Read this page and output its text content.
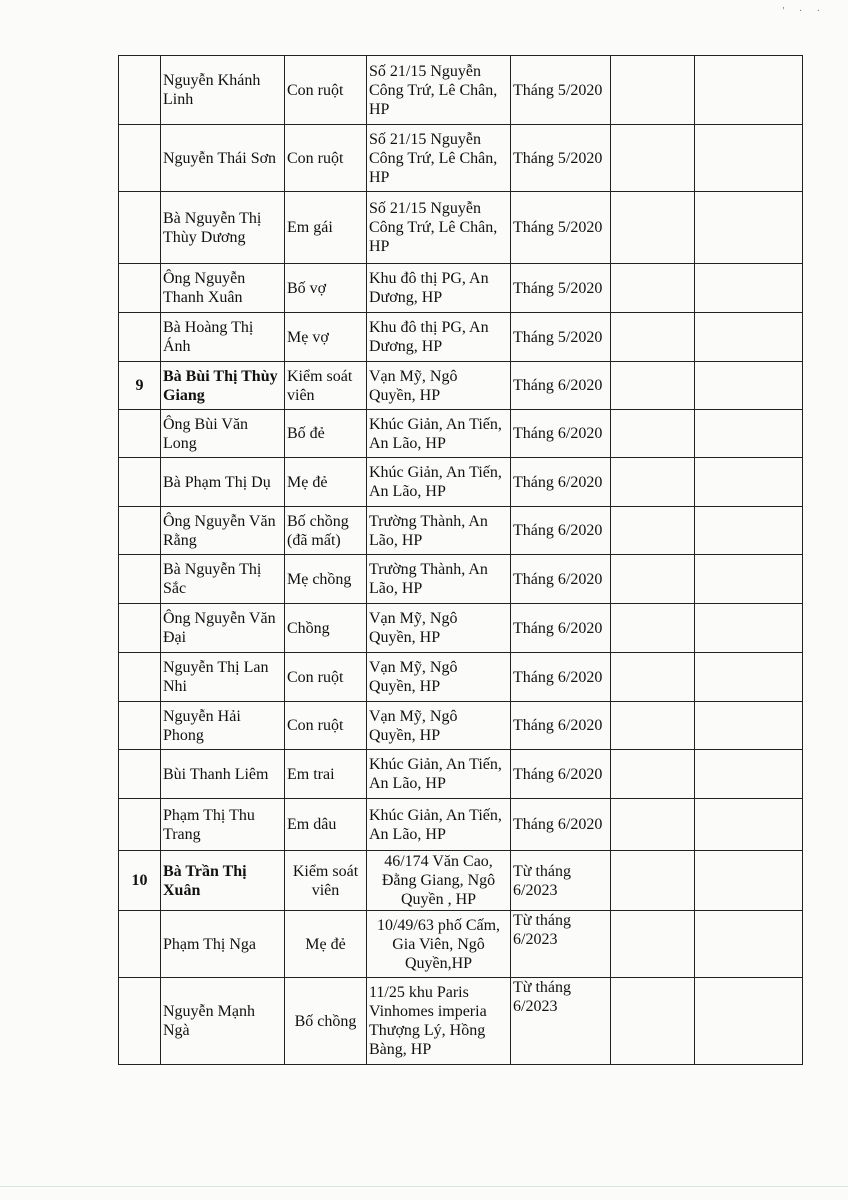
' · ·
	Nguyễn Khánh Linh	Con ruột	Số 21/15 Nguyễn Công Trứ, Lê Chân, HP	Tháng 5/2020		
	Nguyễn Thái Sơn	Con ruột	Số 21/15 Nguyễn Công Trứ, Lê Chân, HP	Tháng 5/2020		
	Bà Nguyễn Thị Thùy Dương	Em gái	Số 21/15 Nguyễn Công Trứ, Lê Chân, HP	Tháng 5/2020		
	Ông Nguyễn Thanh Xuân	Bố vợ	Khu đô thị PG, An Dương, HP	Tháng 5/2020		
	Bà Hoàng Thị Ánh	Mẹ vợ	Khu đô thị PG, An Dương, HP	Tháng 5/2020		
9	Bà Bùi Thị Thùy Giang	Kiểm soát viên	Vạn Mỹ, Ngô Quyền, HP	Tháng 6/2020		
	Ông Bùi Văn Long	Bố đẻ	Khúc Giản, An Tiến, An Lão, HP	Tháng 6/2020		
	Bà Phạm Thị Dụ	Mẹ đẻ	Khúc Giản, An Tiến, An Lão, HP	Tháng 6/2020		
	Ông Nguyễn Văn Rằng	Bố chồng (đã mất)	Trường Thành, An Lão, HP	Tháng 6/2020		
	Bà Nguyễn Thị Sắc	Mẹ chồng	Trường Thành, An Lão, HP	Tháng 6/2020		
	Ông Nguyễn Văn Đại	Chồng	Vạn Mỹ, Ngô Quyền, HP	Tháng 6/2020		
	Nguyễn Thị Lan Nhi	Con ruột	Vạn Mỹ, Ngô Quyền, HP	Tháng 6/2020		
	Nguyễn Hải Phong	Con ruột	Vạn Mỹ, Ngô Quyền, HP	Tháng 6/2020		
	Bùi Thanh Liêm	Em trai	Khúc Giản, An Tiến, An Lão, HP	Tháng 6/2020		
	Phạm Thị Thu Trang	Em dâu	Khúc Giản, An Tiến, An Lão, HP	Tháng 6/2020		
10	Bà Trần Thị Xuân	Kiểm soát viên	46/174 Văn Cao, Đằng Giang, Ngô Quyền , HP	Từ tháng 6/2023		
	Phạm Thị Nga	Mẹ đẻ	10/49/63 phố Cấm, Gia Viên, Ngô Quyền,HP	Từ tháng 6/2023		
	Nguyễn Mạnh Ngà	Bố chồng	11/25 khu Paris Vinhomes imperia Thượng Lý, Hồng Bàng, HP	Từ tháng 6/2023		
